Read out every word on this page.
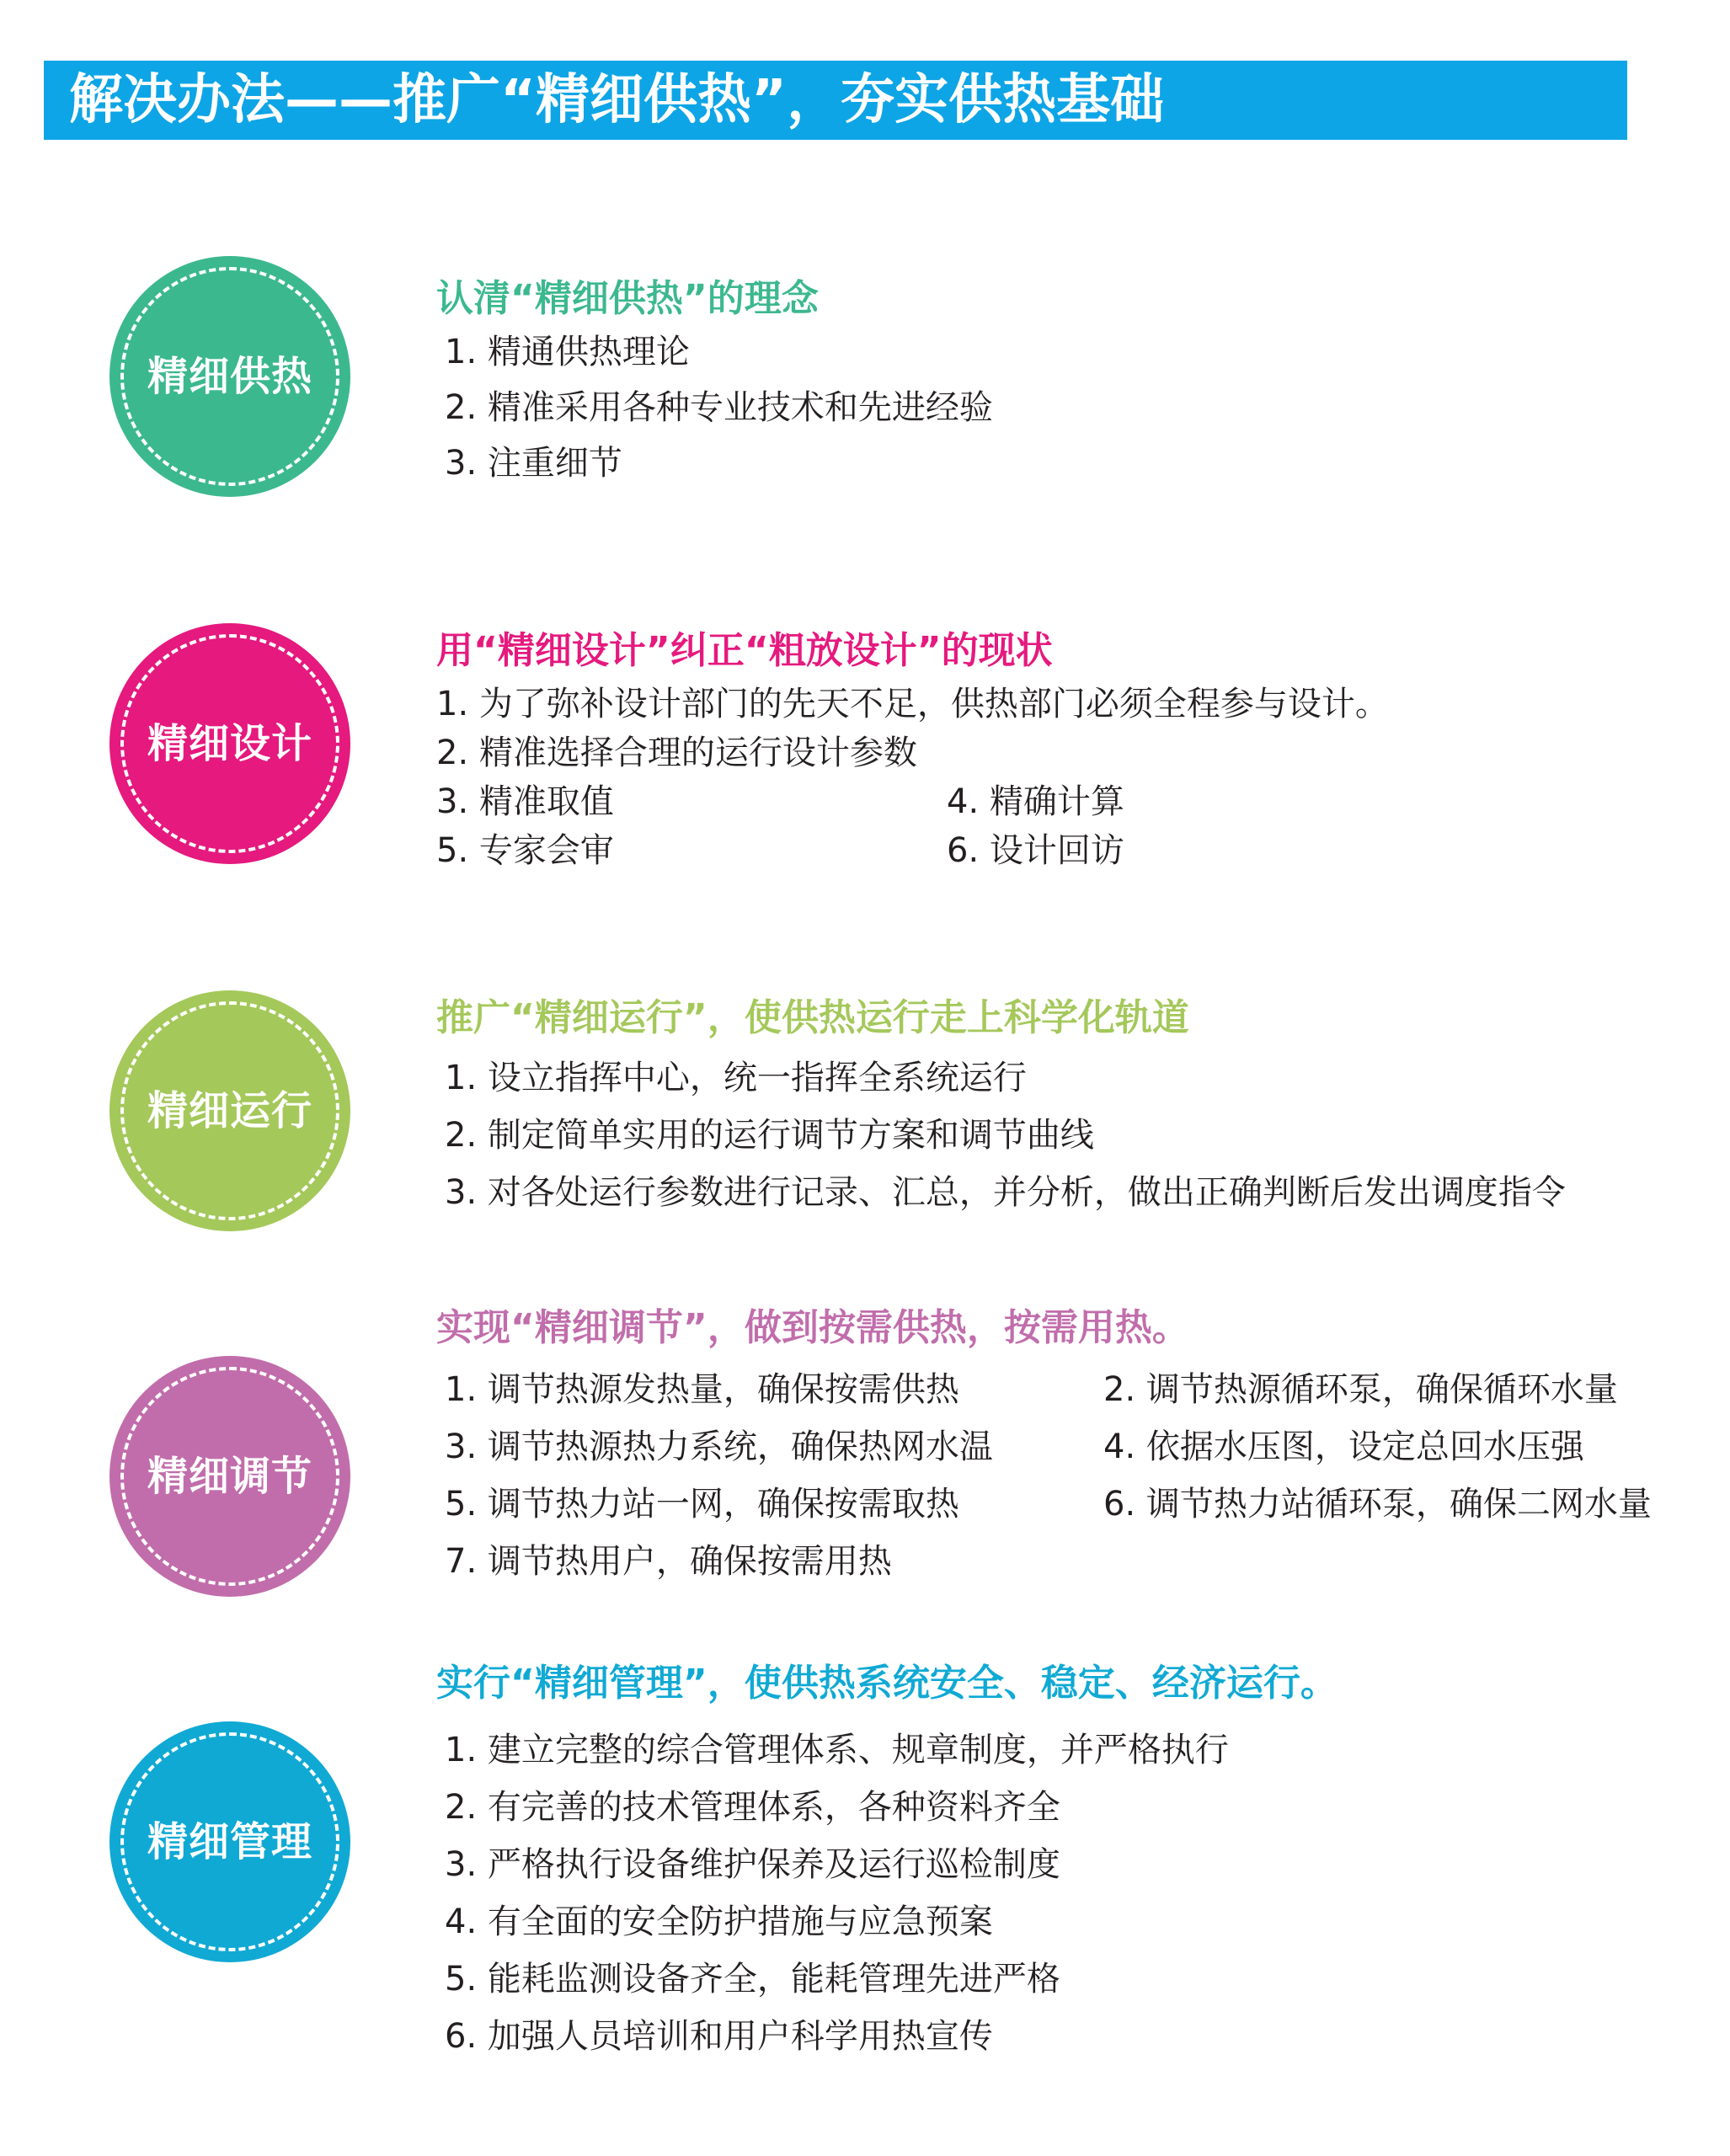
解决办法——推广“精细供热”，夯实供热基础
精细供热
认清“精细供热”的理念
1. 精通供热理论
2. 精准采用各种专业技术和先进经验
3. 注重细节
精细设计
用“精细设计”纠正“粗放设计”的现状
1. 为了弥补设计部门的先天不足，供热部门必须全程参与设计。
2. 精准选择合理的运行设计参数
3. 精准取值	4. 精确计算
5. 专家会审	6. 设计回访
精细运行
推广“精细运行”，使供热运行走上科学化轨道
1. 设立指挥中心，统一指挥全系统运行
2. 制定简单实用的运行调节方案和调节曲线
3. 对各处运行参数进行记录、汇总，并分析，做出正确判断后发出调度指令
精细调节
实现“精细调节”，做到按需供热，按需用热。
1. 调节热源发热量，确保按需供热	2. 调节热源循环泵，确保循环水量
3. 调节热源热力系统，确保热网水温	4. 依据水压图，设定总回水压强
5. 调节热力站一网，确保按需取热	6. 调节热力站循环泵，确保二网水量
7. 调节热用户，确保按需用热
精细管理
实行“精细管理”，使供热系统安全、稳定、经济运行。
1. 建立完整的综合管理体系、规章制度，并严格执行
2. 有完善的技术管理体系，各种资料齐全
3. 严格执行设备维护保养及运行巡检制度
4. 有全面的安全防护措施与应急预案
5. 能耗监测设备齐全，能耗管理先进严格
6. 加强人员培训和用户科学用热宣传
